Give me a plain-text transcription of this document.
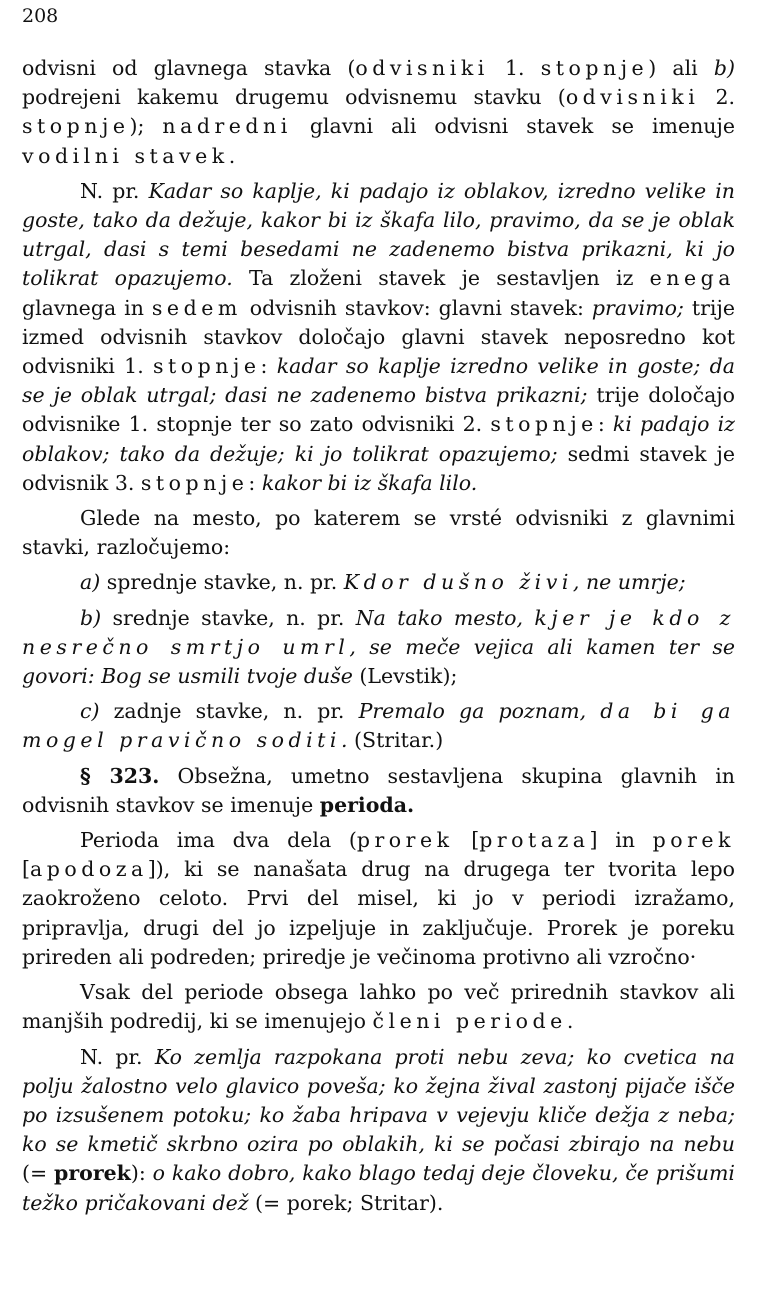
208

odvisni od glavnega stavka (odvisniki 1. stopnje) ali b) podrejeni kakemu drugemu odvisnemu stavku (odvisniki 2. stopnje); nadredni glavni ali odvisni stavek se imenuje vodilni stavek.

N. pr. Kadar so kaplje, ki padajo iz oblakov, izredno velike in goste, tako da dežuje, kakor bi iz škafa lilo, pravimo, da se je oblak utrgal, dasi s temi besedami ne zadenemo bistva prikazni, ki jo tolikrat opazujemo. Ta zloženi stavek je sestavljen iz enega glavnega in sedem odvisnih stavkov: glavni stavek: pravimo; trije izmed odvisnih stavkov določajo glavni stavek neposredno kot odvisniki 1. stopnje: kadar so kaplje izredno velike in goste; da se je oblak utrgal; dasi ne zadenemo bistva prikazni; trije določajo odvisnike 1. stopnje ter so zato odvisniki 2. stopnje: ki padajo iz oblakov; tako da dežuje; ki jo tolikrat opazujemo; sedmi stavek je odvisnik 3. stopnje: kakor bi iz škafa lilo.

Glede na mesto, po katerem se vrsté odvisniki z glavnimi stavki, razločujemo:

a) sprednje stavke, n. pr. Kdor dušno živi, ne umrje;

b) srednje stavke, n. pr. Na tako mesto, kjer je kdo z nesrečno smrtjo umrl, se meče vejica ali kamen ter se govori: Bog se usmili tvoje duše (Levstik);

c) zadnje stavke, n. pr. Premalo ga poznam, da bi ga mogel pravično soditi. (Stritar.)

§ 323. Obsežna, umetno sestavljena skupina glavnih in odvisnih stavkov se imenuje perioda.

Perioda ima dva dela (prorek [protaza] in porek [apodoza]), ki se nanašata drug na drugega ter tvorita lepo zaokroženo celoto. Prvi del misel, ki jo v periodi izražamo, pripravlja, drugi del jo izpeljuje in zaključuje. Prorek je poreku prireden ali podreden; priredje je večinoma protivno ali vzročno·

Vsak del periode obsega lahko po več prirednih stavkov ali manjših podredij, ki se imenujejo členi periode.

N. pr. Ko zemlja razpokana proti nebu zeva; ko cvetica na polju žalostno velo glavico poveša; ko žejna žival zastonj pijače išče po izsušenem potoku; ko žaba hripava v vejevju kliče dežja z neba; ko se kmetič skrbno ozira po oblakih, ki se počasi zbirajo na nebu (= prorek): o kako dobro, kako blago tedaj deje človeku, če prišumi težko pričakovani dež (= porek; Stritar).
